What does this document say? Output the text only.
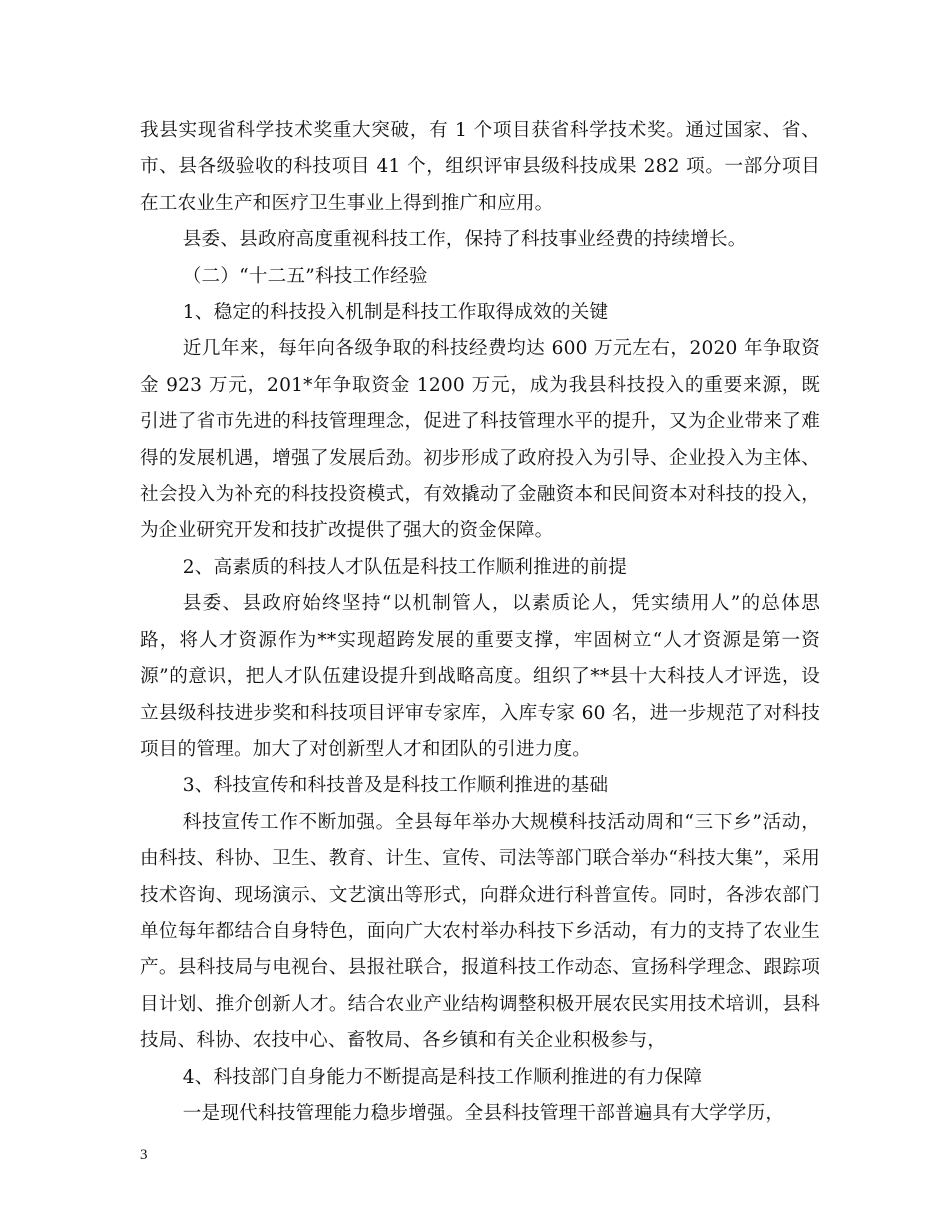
我县实现省科学技术奖重大突破，有 1 个项目获省科学技术奖。通过国家、省、市、县各级验收的科技项目 41 个，组织评审县级科技成果 282 项。一部分项目在工农业生产和医疗卫生事业上得到推广和应用。

县委、县政府高度重视科技工作，保持了科技事业经费的持续增长。

（二）“十二五”科技工作经验

1、稳定的科技投入机制是科技工作取得成效的关键

近几年来，每年向各级争取的科技经费均达 600 万元左右，2020 年争取资金 923 万元，201*年争取资金 1200 万元，成为我县科技投入的重要来源，既引进了省市先进的科技管理理念，促进了科技管理水平的提升，又为企业带来了难得的发展机遇，增强了发展后劲。初步形成了政府投入为引导、企业投入为主体、社会投入为补充的科技投资模式，有效撬动了金融资本和民间资本对科技的投入，为企业研究开发和技扩改提供了强大的资金保障。

2、高素质的科技人才队伍是科技工作顺利推进的前提

县委、县政府始终坚持“以机制管人，以素质论人，凭实绩用人”的总体思路，将人才资源作为**实现超跨发展的重要支撑，牢固树立“人才资源是第一资源”的意识，把人才队伍建设提升到战略高度。组织了**县十大科技人才评选，设立县级科技进步奖和科技项目评审专家库，入库专家 60 名，进一步规范了对科技项目的管理。加大了对创新型人才和团队的引进力度。

3、科技宣传和科技普及是科技工作顺利推进的基础

科技宣传工作不断加强。全县每年举办大规模科技活动周和“三下乡”活动，由科技、科协、卫生、教育、计生、宣传、司法等部门联合举办“科技大集”，采用技术咨询、现场演示、文艺演出等形式，向群众进行科普宣传。同时，各涉农部门单位每年都结合自身特色，面向广大农村举办科技下乡活动，有力的支持了农业生产。县科技局与电视台、县报社联合，报道科技工作动态、宣扬科学理念、跟踪项目计划、推介创新人才。结合农业产业结构调整积极开展农民实用技术培训，县科技局、科协、农技中心、畜牧局、各乡镇和有关企业积极参与，

4、科技部门自身能力不断提高是科技工作顺利推进的有力保障

一是现代科技管理能力稳步增强。全县科技管理干部普遍具有大学学历，

3
